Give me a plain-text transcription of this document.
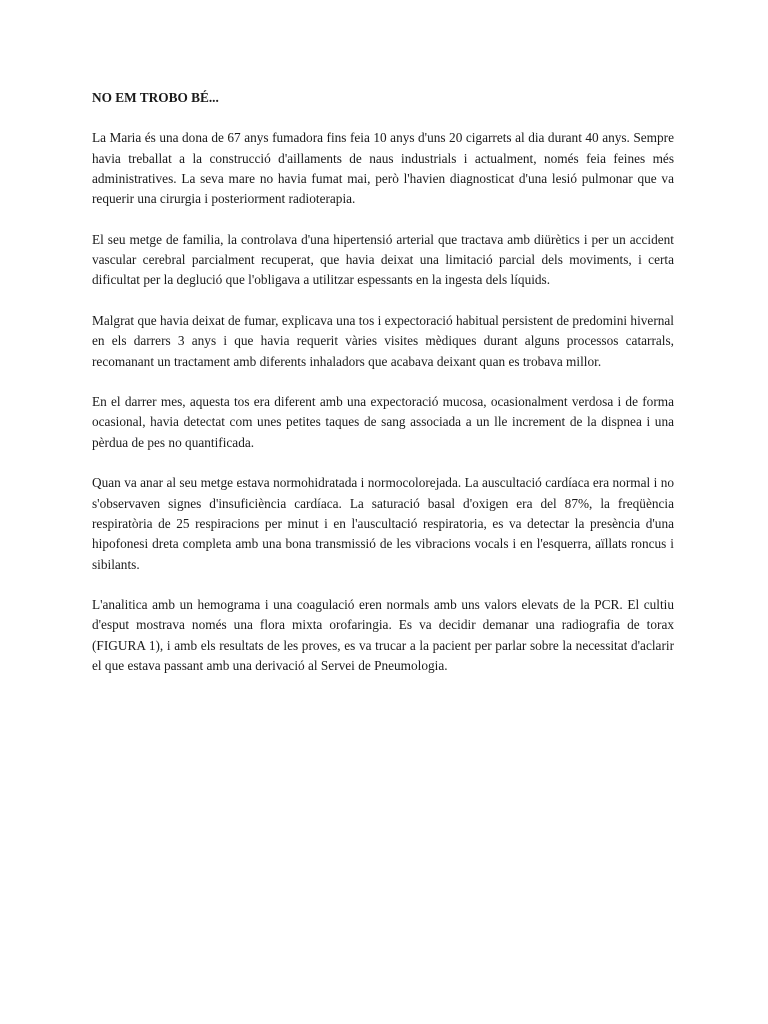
NO EM TROBO BÉ...

La Maria és una dona de 67 anys fumadora fins feia 10 anys d'uns 20 cigarrets al dia durant 40 anys. Sempre havia treballat a la construcció d'aillaments de naus industrials i actualment, només feia feines més administratives. La seva mare no havia fumat mai, però l'havien diagnosticat d'una lesió pulmonar que va requerir una cirurgia i posteriorment radioterapia.

El seu metge de familia, la controlava d'una hipertensió arterial que tractava amb diürètics i per un accident vascular cerebral parcialment recuperat, que havia deixat una limitació parcial dels moviments, i certa dificultat per la deglució que l'obligava a utilitzar espessants en la ingesta dels líquids.

Malgrat que havia deixat de fumar, explicava una tos i expectoració habitual persistent de predomini hivernal en els darrers 3 anys i que havia requerit vàries visites mèdiques durant alguns processos catarrals, recomanant un tractament amb diferents inhaladors que acabava deixant quan es trobava millor.

En el darrer mes, aquesta tos era diferent amb una expectoració mucosa, ocasionalment verdosa i de forma ocasional, havia detectat com unes petites taques de sang associada a un lle increment de la dispnea i una pèrdua de pes no quantificada.

Quan va anar al seu metge estava normohidratada i normocolorejada. La auscultació cardíaca era normal i no s'observaven signes d'insuficiència cardíaca. La saturació basal d'oxigen era del 87%, la freqüència respiratòria de 25 respiracions per minut i en l'auscultació respiratoria, es va detectar la presència d'una hipofonesi dreta completa amb una bona transmissió de les vibracions vocals i en l'esquerra, aïllats roncus i sibilants.

L'analitica amb un hemograma i una coagulació eren normals amb uns valors elevats de la PCR. El cultiu d'esput mostrava només una flora mixta orofaringia. Es va decidir demanar una radiografia de torax (FIGURA 1), i amb els resultats de les proves, es va trucar a la pacient per parlar sobre la necessitat d'aclarir el que estava passant amb una derivació al Servei de Pneumologia.
